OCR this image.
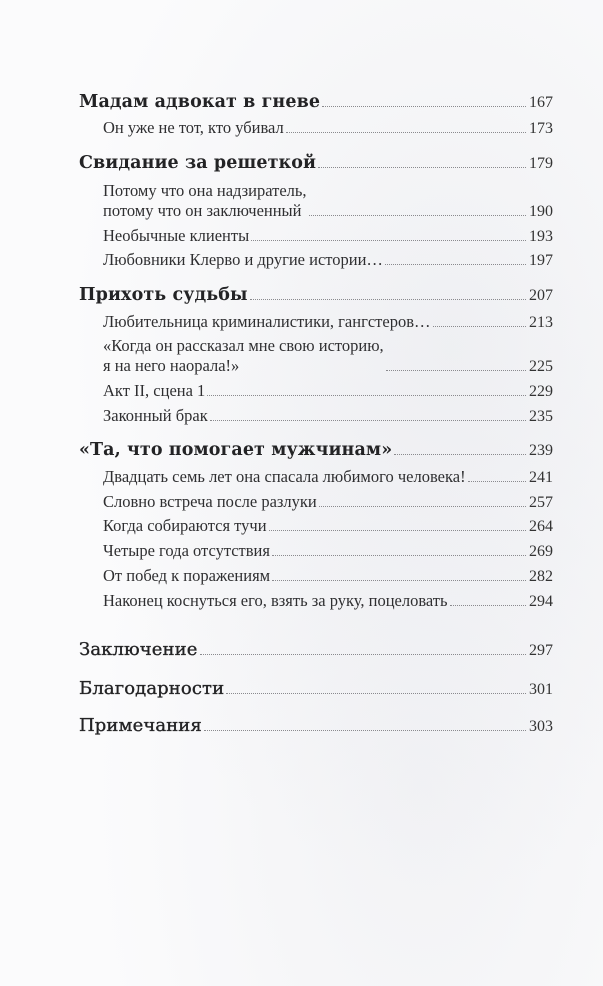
Мадам адвокат в гневе	167
Он уже не тот, кто убивал	173
Свидание за решеткой	179
Потому что она надзиратель,
потому что он заключенный	190
Необычные клиенты	193
Любовники Клерво и другие истории…	197
Прихоть судьбы	207
Любительница криминалистики, гангстеров…	213
«Когда он рассказал мне свою историю,
я на него наорала!»	225
Акт II, сцена 1	229
Законный брак	235
«Та, что помогает мужчинам»	239
Двадцать семь лет она спасала любимого человека!	241
Словно встреча после разлуки	257
Когда собираются тучи	264
Четыре года отсутствия	269
От побед к поражениям	282
Наконец коснуться его, взять за руку, поцеловать	294
Заключение	297
Благодарности	301
Примечания	303
